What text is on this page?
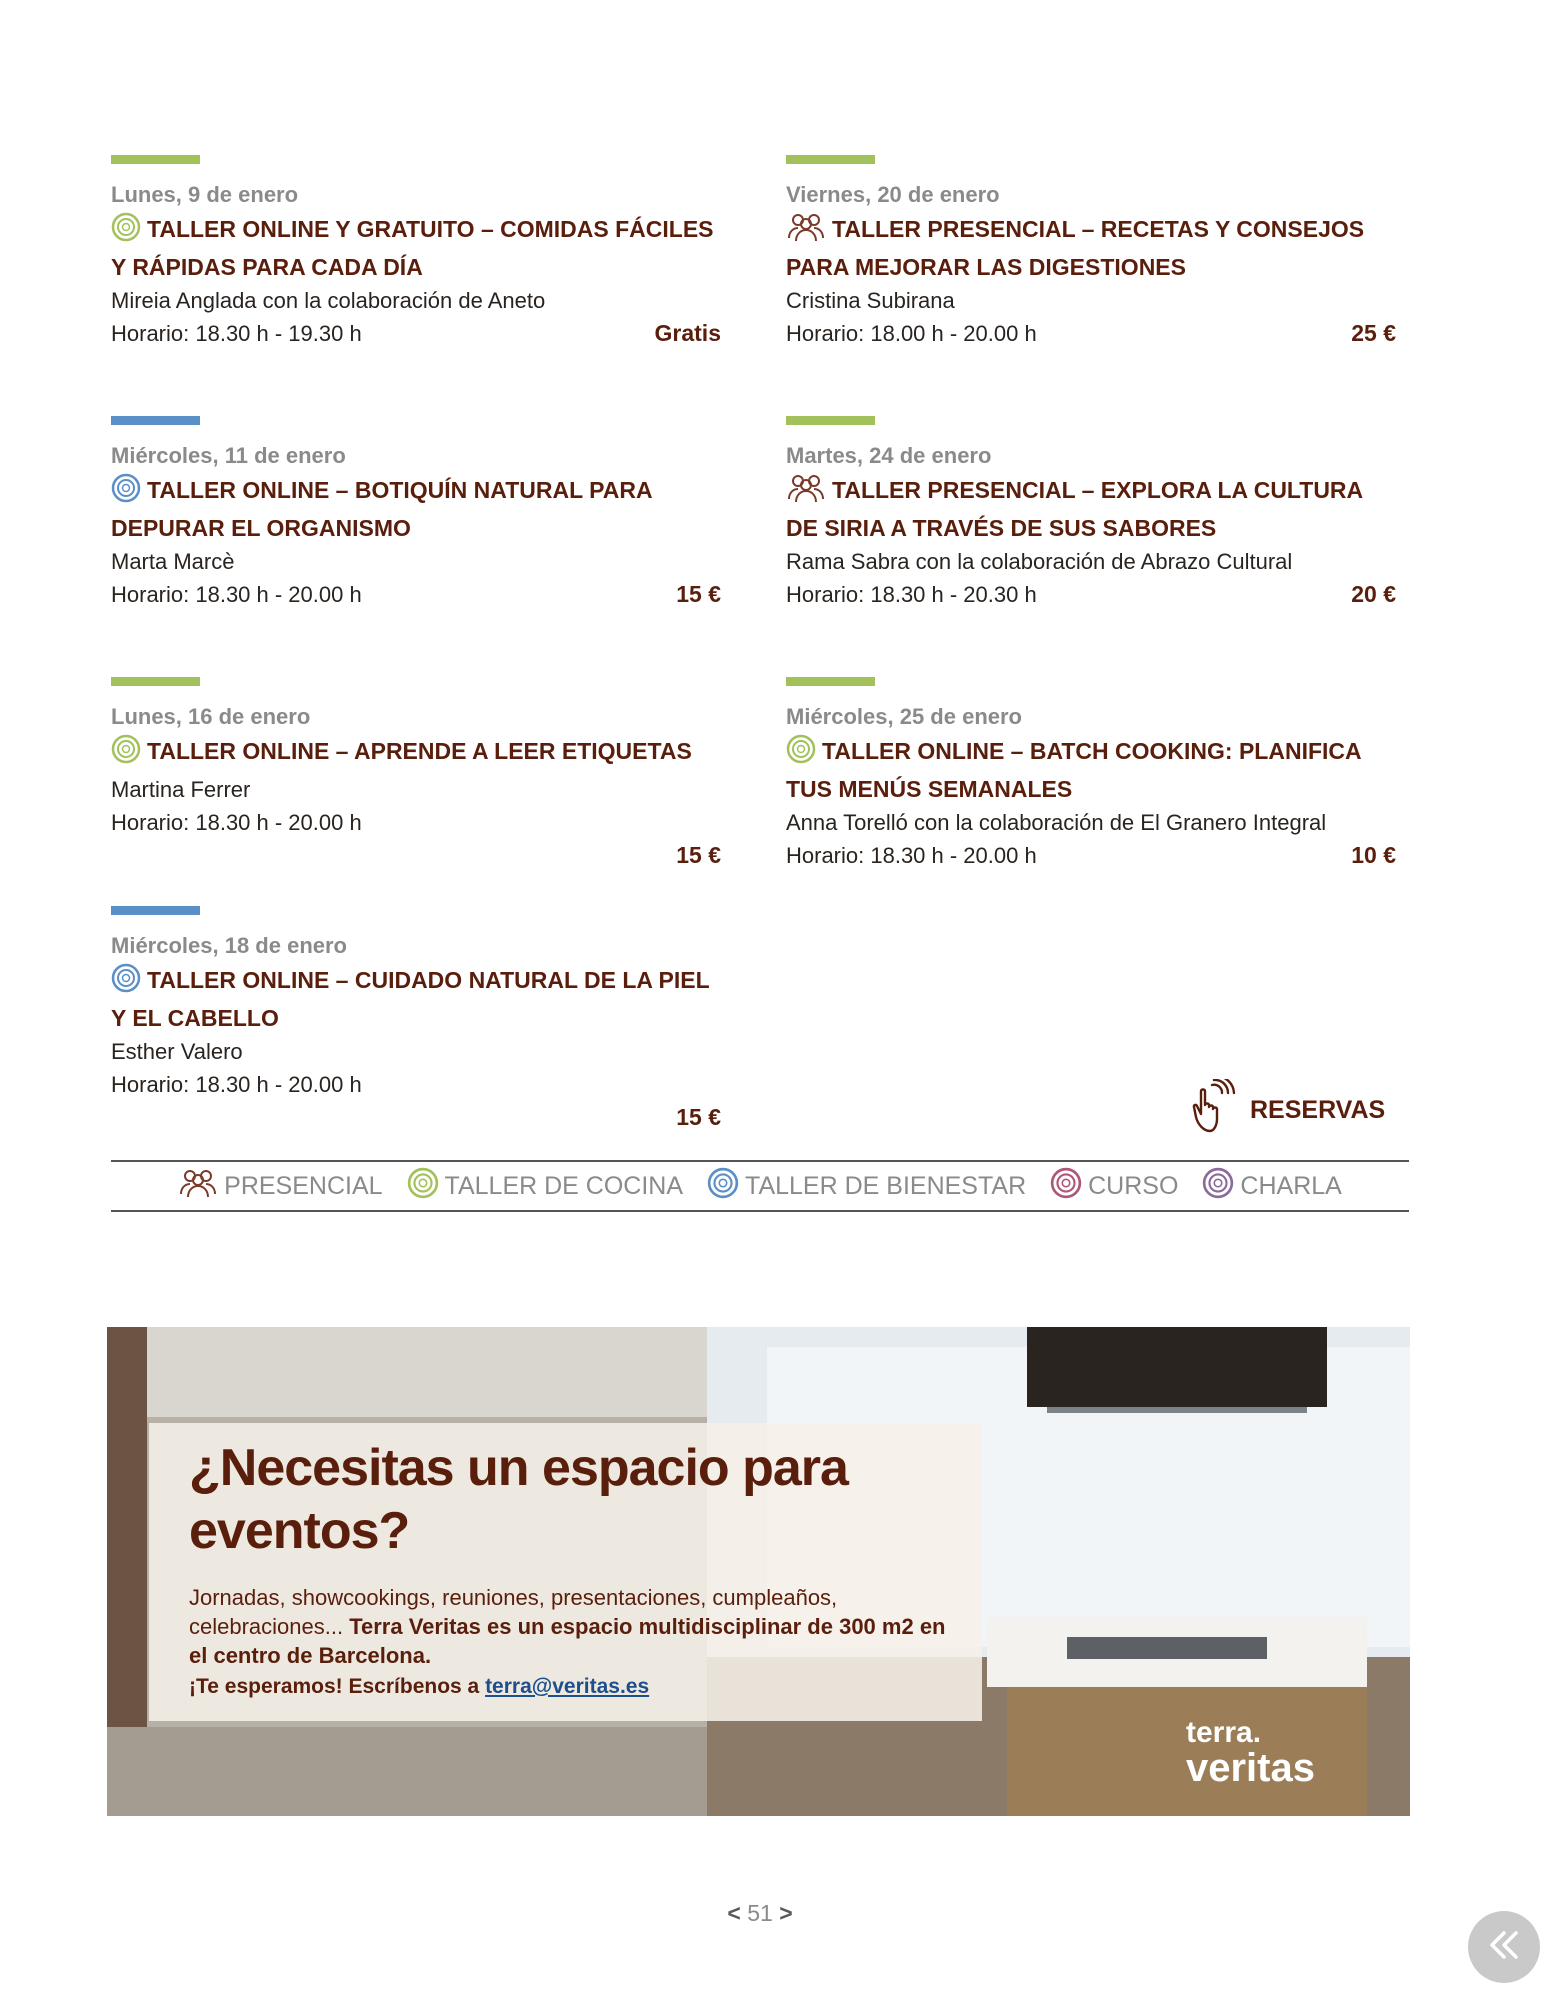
Lunes, 9 de enero
TALLER ONLINE Y GRATUITO – COMIDAS FÁCILES Y RÁPIDAS PARA CADA DÍA
Mireia Anglada con la colaboración de Aneto
Horario: 18.30 h - 19.30 h	Gratis
Miércoles, 11 de enero
TALLER ONLINE – BOTIQUÍN NATURAL PARA DEPURAR EL ORGANISMO
Marta Marcè
Horario: 18.30 h - 20.00 h	15 €
Lunes, 16 de enero
TALLER ONLINE – APRENDE A LEER ETIQUETAS
Martina Ferrer
Horario: 18.30 h - 20.00 h
15 €
Miércoles, 18 de enero
TALLER ONLINE – CUIDADO NATURAL DE LA PIEL Y EL CABELLO
Esther Valero
Horario: 18.30 h - 20.00 h
15 €
Viernes, 20 de enero
TALLER PRESENCIAL – RECETAS Y CONSEJOS PARA MEJORAR LAS DIGESTIONES
Cristina Subirana
Horario: 18.00 h - 20.00 h	25 €
Martes, 24 de enero
TALLER PRESENCIAL – EXPLORA LA CULTURA DE SIRIA A TRAVÉS DE SUS SABORES
Rama Sabra con la colaboración de Abrazo Cultural
Horario: 18.30 h - 20.30 h	20 €
Miércoles, 25 de enero
TALLER ONLINE – BATCH COOKING: PLANIFICA TUS MENÚS SEMANALES
Anna Torelló con la colaboración de El Granero Integral
Horario: 18.30 h - 20.00 h	10 €
RESERVAS
PRESENCIAL TALLER DE COCINA TALLER DE BIENESTAR CURSO CHARLA
¿Necesitas un espacio para eventos?
Jornadas, showcookings, reuniones, presentaciones, cumpleaños, celebraciones... Terra Veritas es un espacio multidisciplinar de 300 m2 en el centro de Barcelona.
¡Te esperamos! Escríbenos a terra@veritas.es
terra.
veritas
< 51 >
